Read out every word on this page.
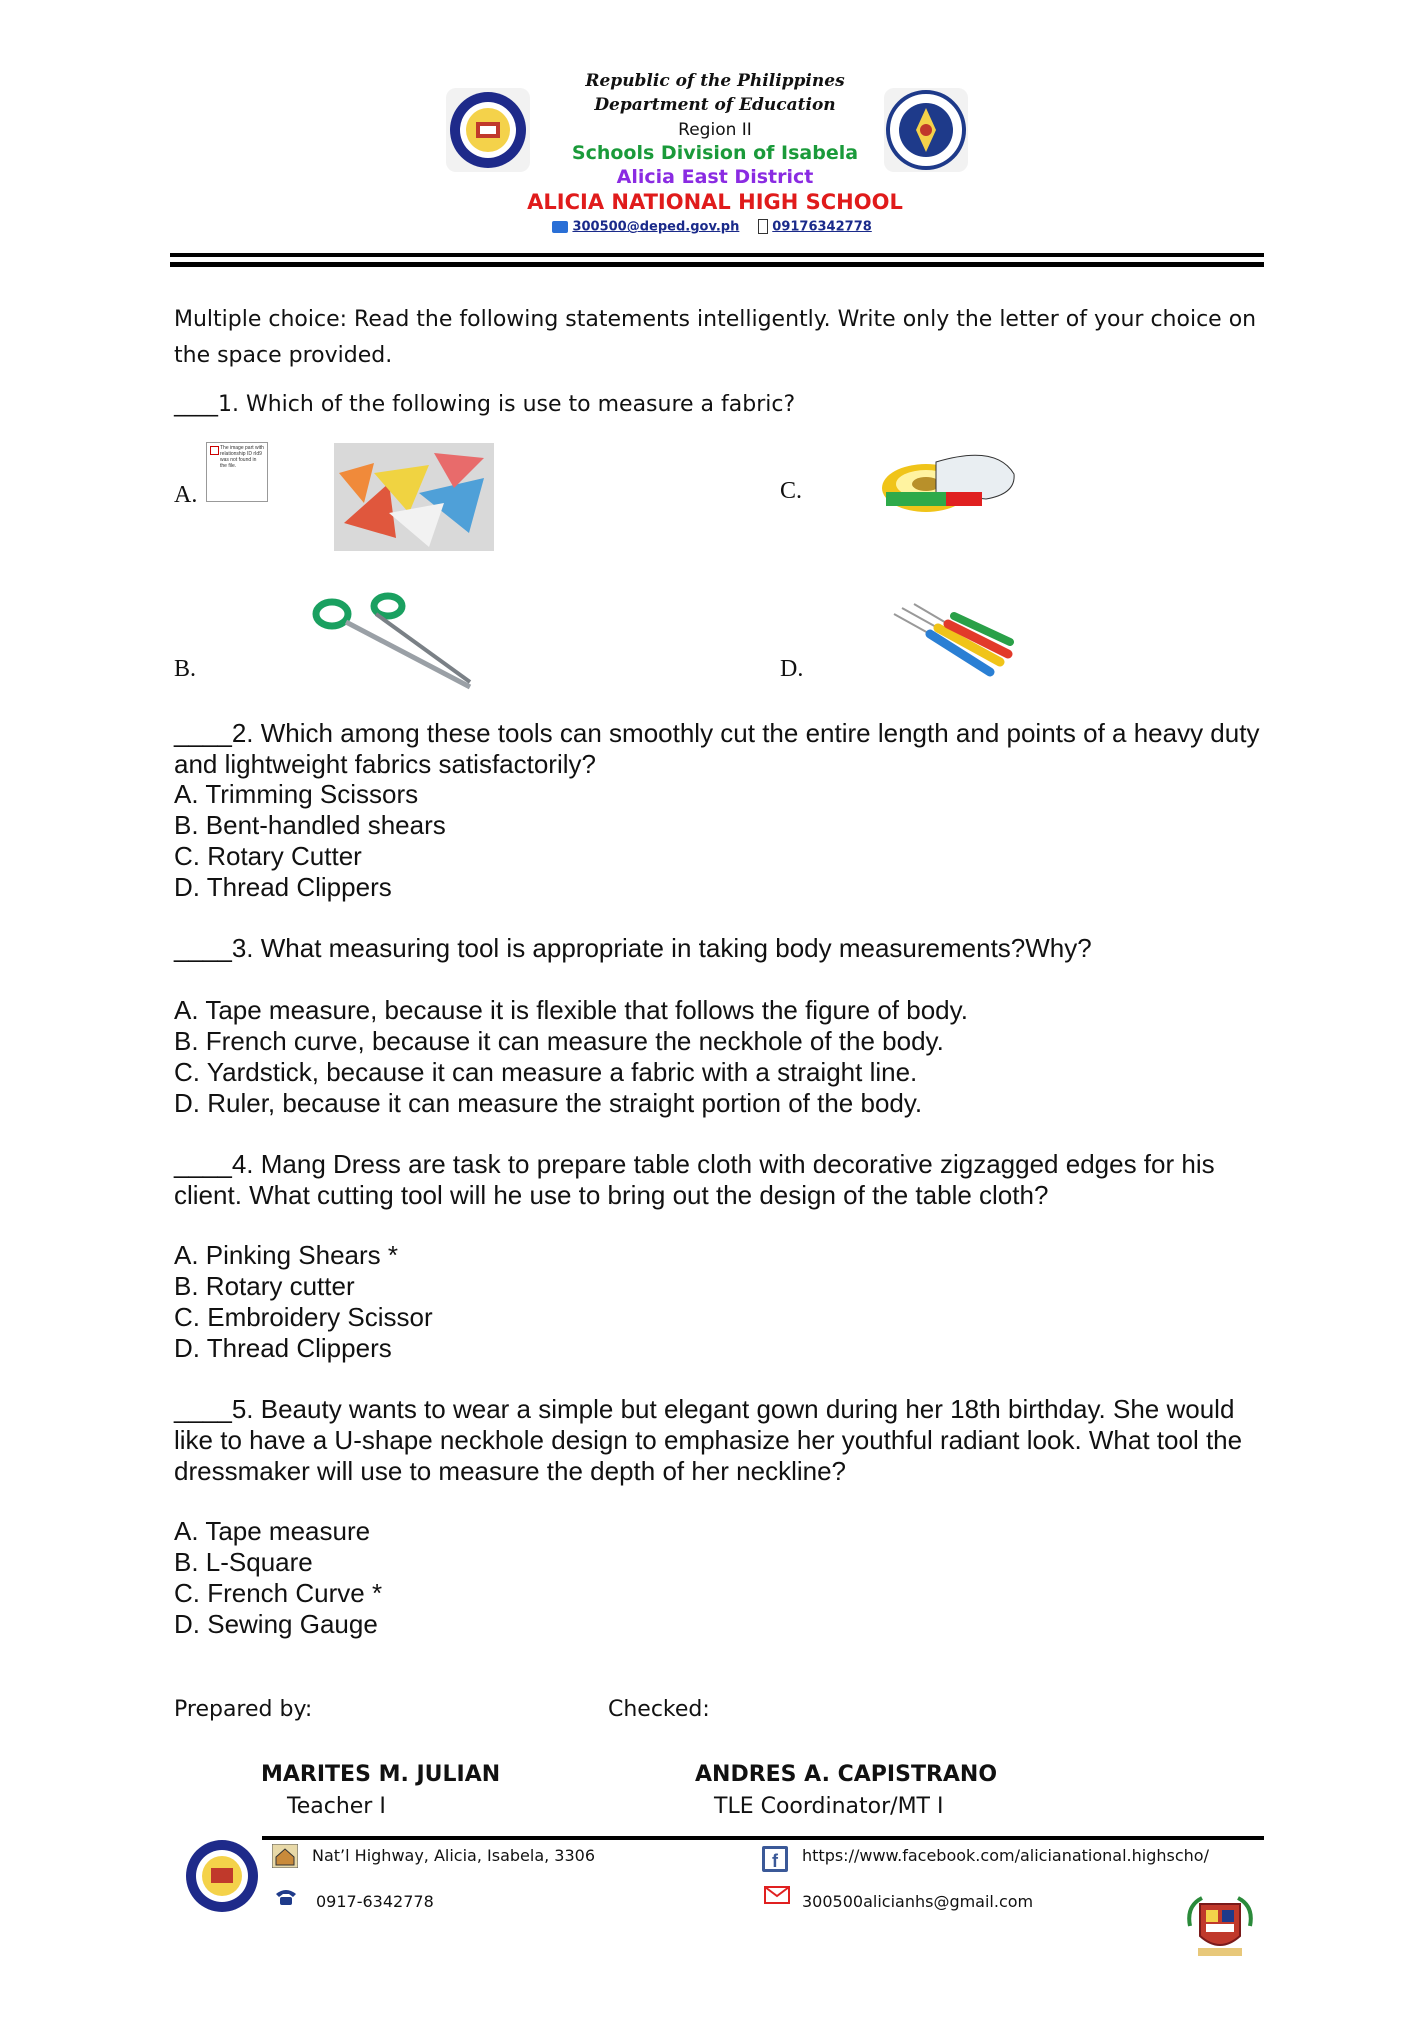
Republic of the Philippines
Department of Education
Region II
Schools Division of Isabela
Alicia East District
ALICIA NATIONAL HIGH SCHOOL
300500@deped.gov.ph	09176342778
Multiple choice: Read the following statements intelligently. Write only the letter of your choice on the space provided.
____1. Which of the following is use to measure a fabric?
A.
The image part with relationship ID rId9 was not found in the file.
C.
B.	D.
____2. Which among these tools can smoothly cut the entire length and points of a heavy duty and lightweight fabrics satisfactorily?
A. Trimming Scissors
B. Bent-handled shears
C. Rotary Cutter
D. Thread Clippers
____3. What measuring tool is appropriate in taking body measurements?Why?
A. Tape measure, because it is flexible that follows the figure of body.
B. French curve, because it can measure the neckhole of the body.
C. Yardstick, because it can measure a fabric with a straight line.
D. Ruler, because it can measure the straight portion of the body.
____4. Mang Dress are task to prepare table cloth with decorative zigzagged edges for his client. What cutting tool will he use to bring out the design of the table cloth?
A. Pinking Shears *
B. Rotary cutter
C. Embroidery Scissor
D. Thread Clippers
____5. Beauty wants to wear a simple but elegant gown during her 18th birthday. She would like to have a U-shape neckhole design to emphasize her youthful radiant look. What tool the dressmaker will use to measure the depth of her neckline?
A. Tape measure
B. L-Square
C. French Curve *
D. Sewing Gauge
Prepared by:	Checked:
MARITES M. JULIAN
Teacher I
ANDRES A. CAPISTRANO
TLE Coordinator/MT I
Nat’l Highway, Alicia, Isabela, 3306
0917-6342778
f https://www.facebook.com/alicianational.highscho/
300500alicianhs@gmail.com
